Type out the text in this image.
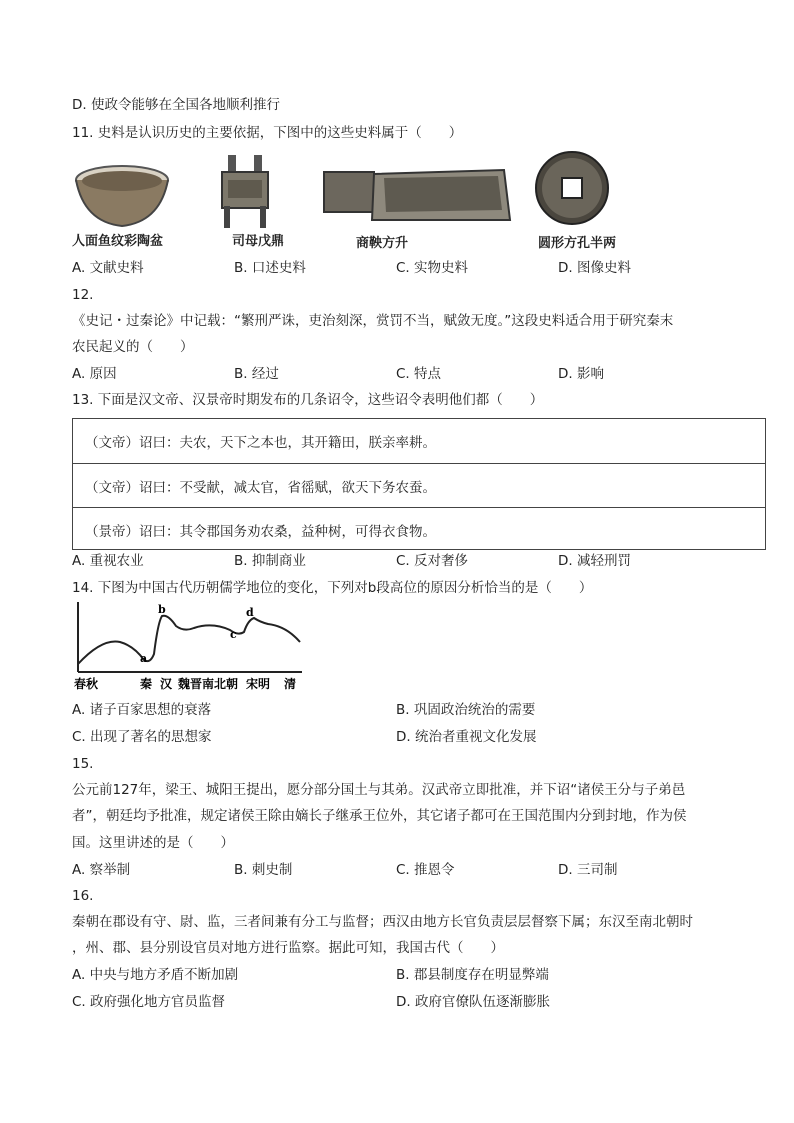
D. 使政令能够在全国各地顺利推行
11. 史料是认识历史的主要依据，下图中的这些史料属于（　　）
人面鱼纹彩陶盆	司母戊鼎	商鞅方升	圆形方孔半两
A. 文献史料	B. 口述史料	C. 实物史料	D. 图像史料
12.
《史记・过秦论》中记载：“繁刑严诛，吏治刻深，赏罚不当，赋敛无度。”这段史料适合用于研究秦末
农民起义的（　　）
A. 原因	B. 经过	C. 特点	D. 影响
13. 下面是汉文帝、汉景帝时期发布的几条诏令，这些诏令表明他们都（　　）
（文帝）诏曰：夫农，天下之本也，其开籍田，朕亲率耕。
（文帝）诏曰：不受献，减太官，省徭赋，欲天下务农蚕。
（景帝）诏曰：其令郡国务劝农桑，益种树，可得衣食物。
A. 重视农业	B. 抑制商业	C. 反对奢侈	D. 减轻刑罚
14. 下图为中国古代历朝儒学地位的变化，下列对b段高位的原因分析恰当的是（　　）
a
b
c
d
春秋	秦 汉 魏晋南北朝 宋明 清
A. 诸子百家思想的衰落	B. 巩固政治统治的需要
C. 出现了著名的思想家	D. 统治者重视文化发展
15.
公元前127年，梁王、城阳王提出，愿分部分国土与其弟。汉武帝立即批准，并下诏“诸侯王分与子弟邑
者”，朝廷均予批准，规定诸侯王除由嫡长子继承王位外，其它诸子都可在王国范围内分到封地，作为侯
国。这里讲述的是（　　）
A. 察举制	B. 刺史制	C. 推恩令	D. 三司制
16.
秦朝在郡设有守、尉、监，三者间兼有分工与监督；西汉由地方长官负责层层督察下属；东汉至南北朝时
，州、郡、县分别设官员对地方进行监察。据此可知，我国古代（　　）
A. 中央与地方矛盾不断加剧	B. 郡县制度存在明显弊端
C. 政府强化地方官员监督	D. 政府官僚队伍逐渐膨胀
